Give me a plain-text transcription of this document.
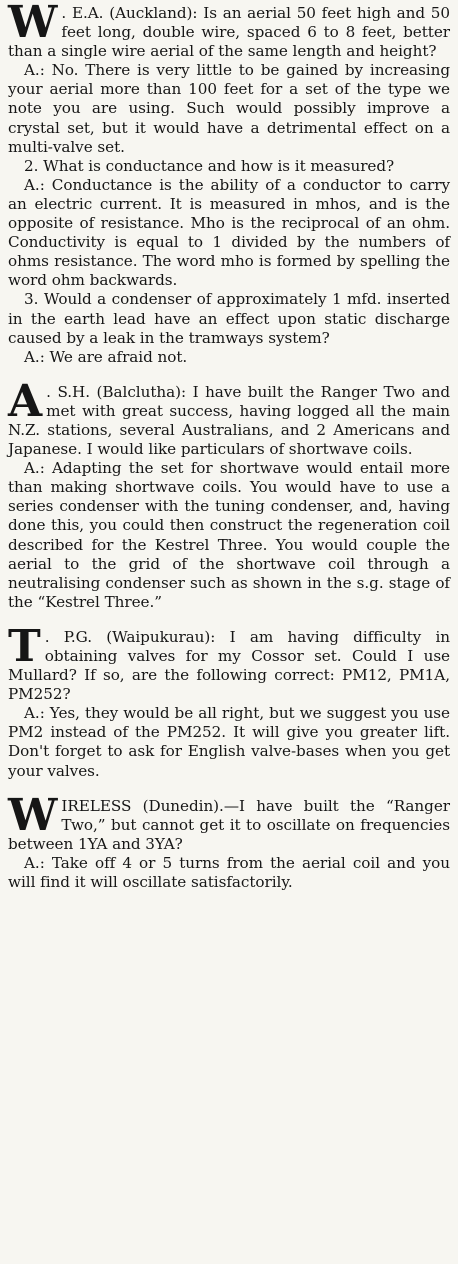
W . E.A. (Auckland): Is an aerial 50 feet high and 50 feet long, double wire, spaced 6 to 8 feet, better than a single wire aerial of the same length and height?

A.: No. There is very little to be gained by increasing your aerial more than 100 feet for a set of the type we note you are using. Such would possibly improve a crystal set, but it would have a detrimental effect on a multi-valve set.

2. What is conductance and how is it measured?

A.: Conductance is the ability of a conductor to carry an electric current. It is measured in mhos, and is the opposite of resistance. Mho is the reciprocal of an ohm. Conductivity is equal to 1 divided by the numbers of ohms resistance. The word mho is formed by spelling the word ohm backwards.

3. Would a condenser of approximately 1 mfd. inserted in the earth lead have an effect upon static discharge caused by a leak in the tramways system?

A.: We are afraid not.

A . S.H. (Balclutha): I have built the Ranger Two and met with great success, having logged all the main N.Z. stations, several Australians, and 2 Americans and Japanese. I would like particulars of shortwave coils.

A.: Adapting the set for shortwave would entail more than making shortwave coils. You would have to use a series condenser with the tuning condenser, and, having done this, you could then construct the regeneration coil described for the Kestrel Three. You would couple the aerial to the grid of the shortwave coil through a neutralising condenser such as shown in the s.g. stage of the “Kestrel Three.”

T . P.G. (Waipukurau): I am having difficulty in obtaining valves for my Cossor set. Could I use Mullard? If so, are the following correct: PM12, PM1A, PM252?

A.: Yes, they would be all right, but we suggest you use PM2 instead of the PM252. It will give you greater lift. Don't forget to ask for English valve-bases when you get your valves.

W IRELESS (Dunedin).—I have built the “Ranger Two,” but cannot get it to oscillate on frequencies between 1YA and 3YA?

A.: Take off 4 or 5 turns from the aerial coil and you will find it will oscillate satisfactorily.
